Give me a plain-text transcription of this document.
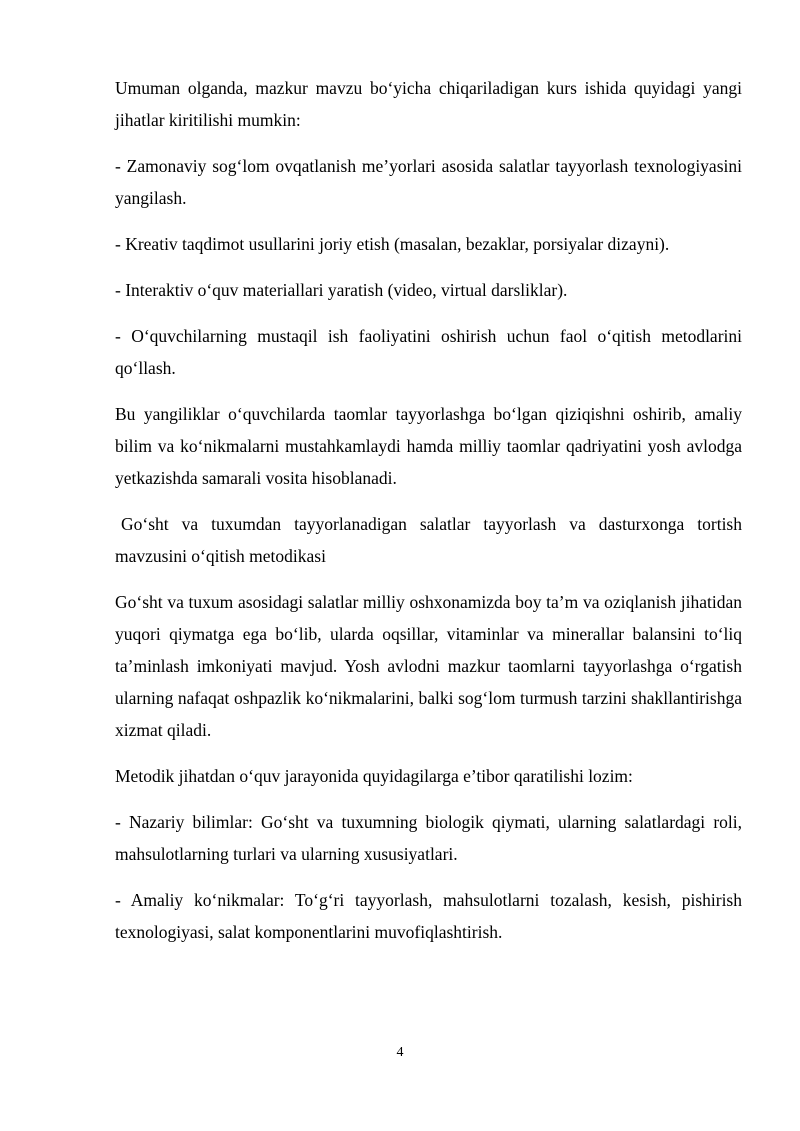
Umuman olganda, mazkur mavzu bo‘yicha chiqariladigan kurs ishida quyidagi yangi jihatlar kiritilishi mumkin:

- Zamonaviy sog‘lom ovqatlanish me’yorlari asosida salatlar tayyorlash texnologiyasini yangilash.

- Kreativ taqdimot usullarini joriy etish (masalan, bezaklar, porsiyalar dizayni).

- Interaktiv o‘quv materiallari yaratish (video, virtual darsliklar).

- O‘quvchilarning mustaqil ish faoliyatini oshirish uchun faol o‘qitish metodlarini qo‘llash.

Bu yangiliklar o‘quvchilarda taomlar tayyorlashga bo‘lgan qiziqishni oshirib, amaliy bilim va ko‘nikmalarni mustahkamlaydi hamda milliy taomlar qadriyatini yosh avlodga yetkazishda samarali vosita hisoblanadi.

Go‘sht va tuxumdan tayyorlanadigan salatlar tayyorlash va dasturxonga tortish mavzusini o‘qitish metodikasi

Go‘sht va tuxum asosidagi salatlar milliy oshxonamizda boy ta’m va oziqlanish jihatidan yuqori qiymatga ega bo‘lib, ularda oqsillar, vitaminlar va minerallar balansini to‘liq ta’minlash imkoniyati mavjud. Yosh avlodni mazkur taomlarni tayyorlashga o‘rgatish ularning nafaqat oshpazlik ko‘nikmalarini, balki sog‘lom turmush tarzini shakllantirishga xizmat qiladi.

Metodik jihatdan o‘quv jarayonida quyidagilarga e’tibor qaratilishi lozim:

- Nazariy bilimlar: Go‘sht va tuxumning biologik qiymati, ularning salatlardagi roli, mahsulotlarning turlari va ularning xususiyatlari.

- Amaliy ko‘nikmalar: To‘g‘ri tayyorlash, mahsulotlarni tozalash, kesish, pishirish texnologiyasi, salat komponentlarini muvofiqlashtirish.

4
